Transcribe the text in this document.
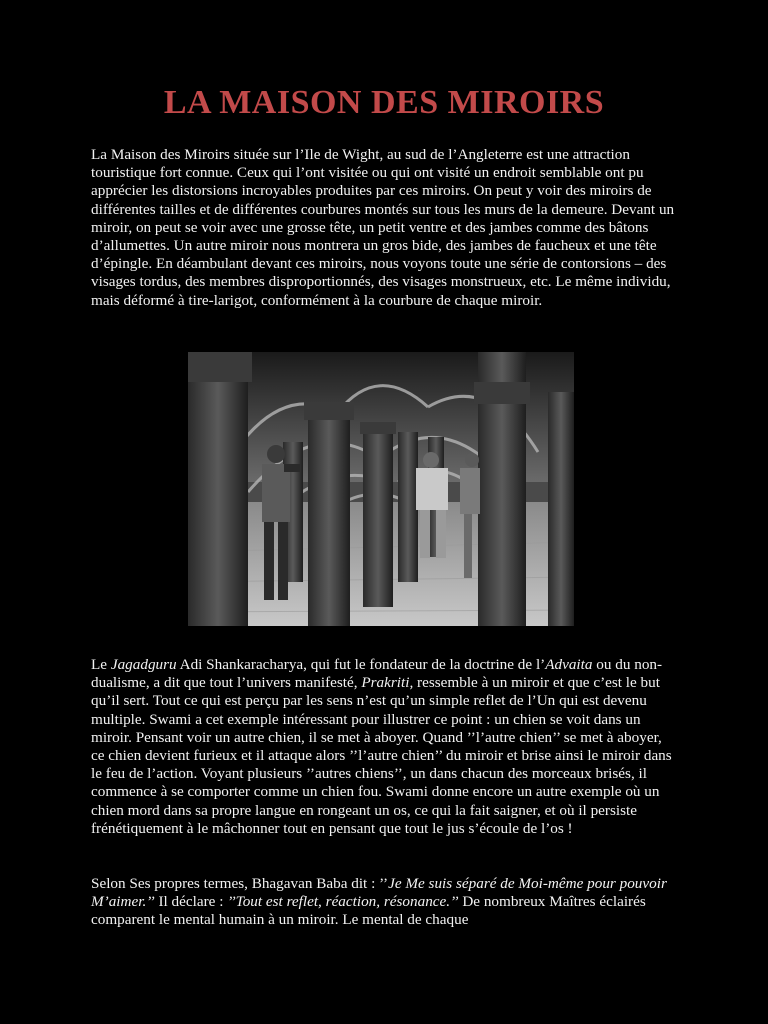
LA MAISON DES MIROIRS

La Maison des Miroirs située sur l’Ile de Wight, au sud de l’Angleterre est une attraction touristique fort connue. Ceux qui l’ont visitée ou qui ont visité un endroit semblable ont pu apprécier les distorsions incroyables produites par ces miroirs. On peut y voir des miroirs de différentes tailles et de différentes courbures montés sur tous les murs de la demeure. Devant un miroir, on peut se voir avec une grosse tête, un petit ventre et des jambes comme des bâtons d’allumettes. Un autre miroir nous montrera un gros bide, des jambes de faucheux et une tête d’épingle. En déambulant devant ces miroirs, nous voyons toute une série de contorsions – des visages tordus, des membres disproportionnés, des visages monstrueux, etc. Le même individu, mais déformé à tire-larigot, conformément à la courbure de chaque miroir.

Le Jagadguru Adi Shankaracharya, qui fut le fondateur de la doctrine de l’Advaita ou du non-dualisme, a dit que tout l’univers manifesté, Prakriti, ressemble à un miroir et que c’est le but qu’il sert. Tout ce qui est perçu par les sens n’est qu’un simple reflet de l’Un qui est devenu multiple. Swami a cet exemple intéressant pour illustrer ce point : un chien se voit dans un miroir. Pensant voir un autre chien, il se met à aboyer. Quand ’’l’autre chien’’ se met à aboyer, ce chien devient furieux et il attaque alors ’’l’autre chien’’ du miroir et brise ainsi le miroir dans le feu de l’action. Voyant plusieurs ’’autres chiens’’, un dans chacun des morceaux brisés, il commence à se comporter comme un chien fou. Swami donne encore un autre exemple où un chien mord dans sa propre langue en rongeant un os, ce qui la fait saigner, et où il persiste frénétiquement à le mâchonner tout en pensant que tout le jus s’écoule de l’os !

Selon Ses propres termes, Bhagavan Baba dit : ’’Je Me suis séparé de Moi-même pour pouvoir M’aimer.’’ Il déclare : ’’Tout est reflet, réaction, résonance.’’ De nombreux Maîtres éclairés comparent le mental humain à un miroir. Le mental de chaque
